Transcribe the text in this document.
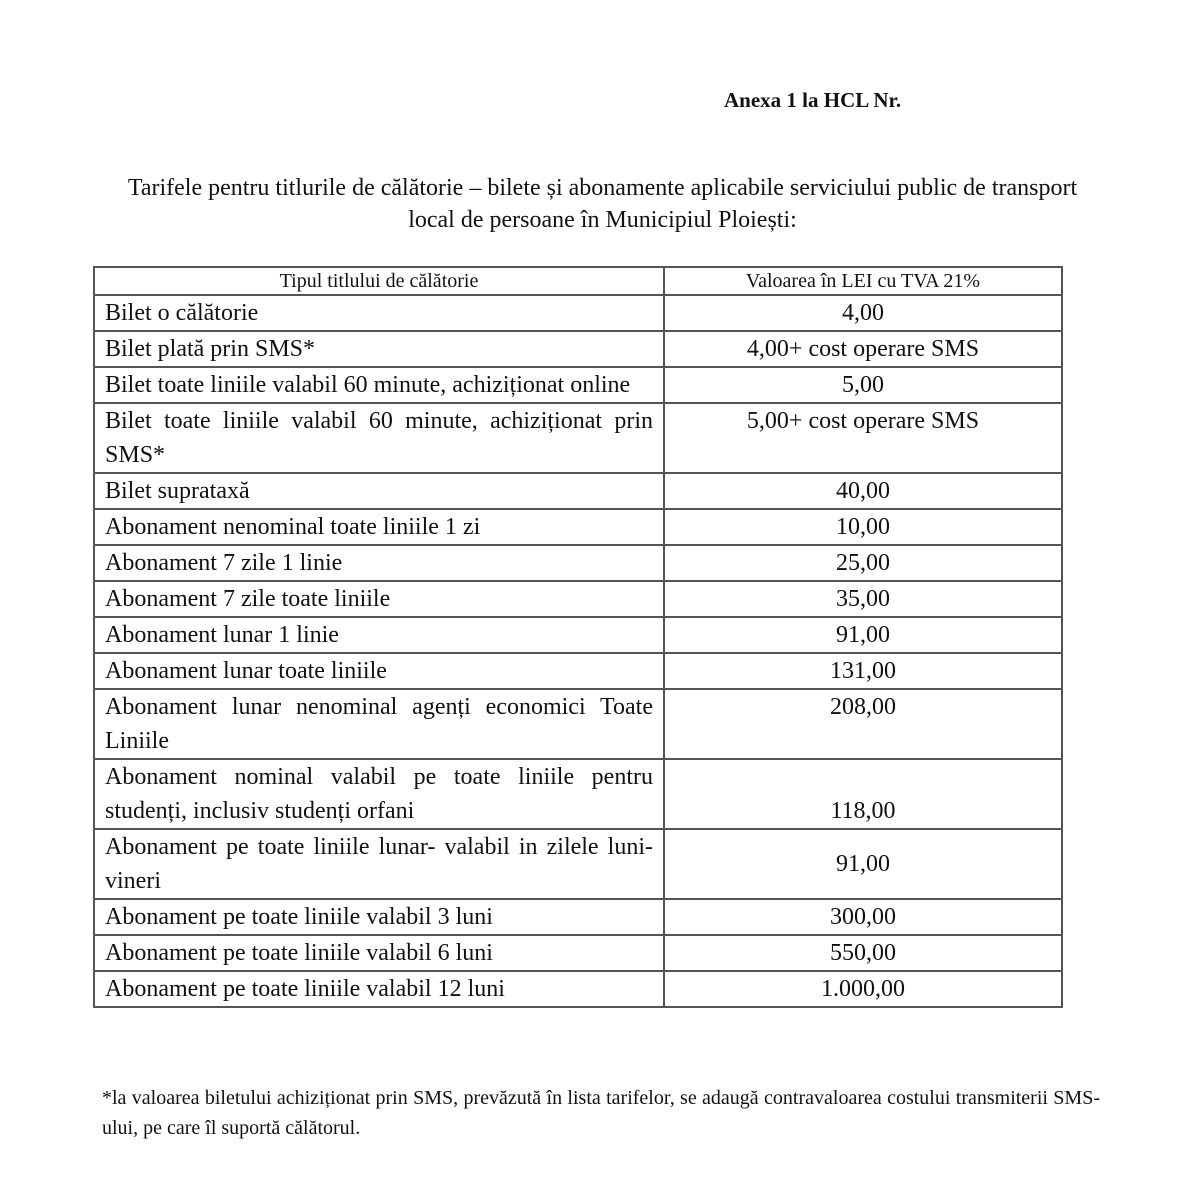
Anexa 1 la HCL Nr.
Tarifele pentru titlurile de călătorie – bilete și abonamente aplicabile serviciului public de transport local de persoane în Municipiul Ploiești:
Tipul titlului de călătorie	Valoarea în LEI cu TVA 21%
Bilet o călătorie	4,00
Bilet plată prin SMS*	4,00+ cost operare SMS
Bilet toate liniile valabil 60 minute, achiziționat online	5,00
Bilet toate liniile valabil 60 minute, achiziționat prin SMS*	5,00+ cost operare SMS
Bilet suprataxă	40,00
Abonament nenominal toate liniile 1 zi	10,00
Abonament 7 zile 1 linie	25,00
Abonament 7 zile toate liniile	35,00
Abonament lunar 1 linie	91,00
Abonament lunar toate liniile	131,00
Abonament lunar nenominal agenți economici Toate Liniile	208,00
Abonament nominal valabil pe toate liniile pentru studenți, inclusiv studenți orfani	118,00
Abonament pe toate liniile lunar- valabil in zilele luni-vineri	91,00
Abonament pe toate liniile valabil 3 luni	300,00
Abonament pe toate liniile valabil 6 luni	550,00
Abonament pe toate liniile valabil 12 luni	1.000,00
*la valoarea biletului achiziționat prin SMS, prevăzută în lista tarifelor, se adaugă contravaloarea costului transmiterii SMS-ului, pe care îl suportă călătorul.
